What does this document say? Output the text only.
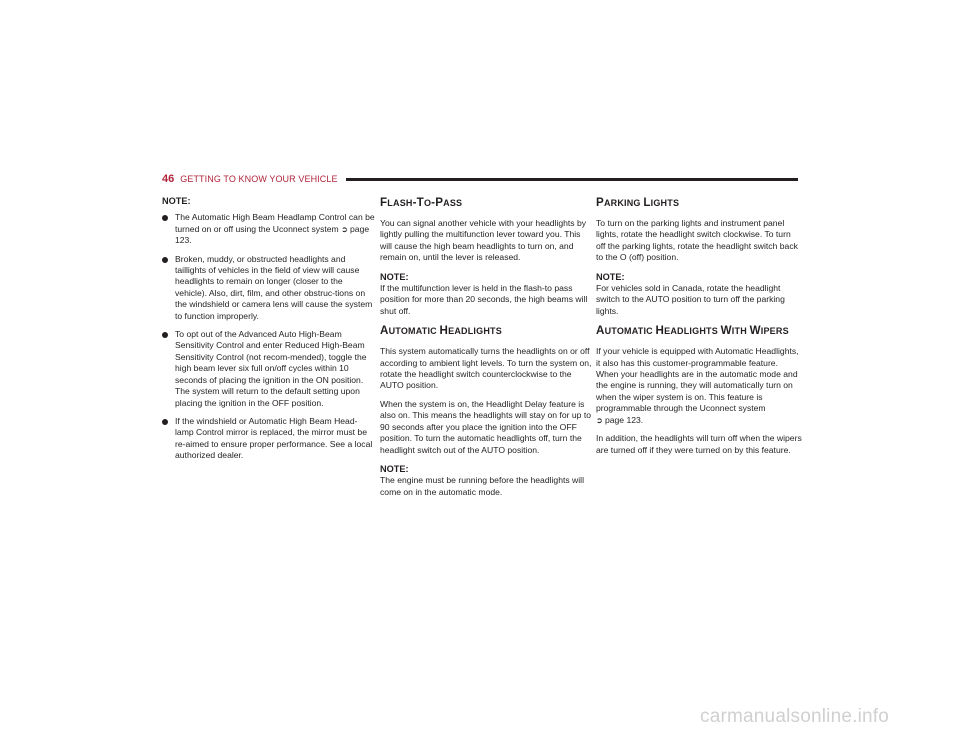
46 GETTING TO KNOW YOUR VEHICLE
NOTE:
The Automatic High Beam Headlamp Control can be turned on or off using the Uconnect system ➲ page 123.
Broken, muddy, or obstructed headlights and taillights of vehicles in the field of view will cause headlights to remain on longer (closer to the vehicle). Also, dirt, film, and other obstruc-tions on the windshield or camera lens will cause the system to function improperly.
To opt out of the Advanced Auto High-Beam Sensitivity Control and enter Reduced High-Beam Sensitivity Control (not recom-mended), toggle the high beam lever six full on/off cycles within 10 seconds of placing the ignition in the ON position. The system will return to the default setting upon placing the ignition in the OFF position.
If the windshield or Automatic High Beam Head-lamp Control mirror is replaced, the mirror must be re-aimed to ensure proper performance. See a local authorized dealer.
FLASH-TO-PASS

You can signal another vehicle with your headlights by lightly pulling the multifunction lever toward you. This will cause the high beam headlights to turn on, and remain on, until the lever is released.

NOTE:

If the multifunction lever is held in the flash-to pass position for more than 20 seconds, the high beams will shut off.

AUTOMATIC HEADLIGHTS

This system automatically turns the headlights on or off according to ambient light levels. To turn the system on, rotate the headlight switch counterclockwise to the AUTO position.

When the system is on, the Headlight Delay feature is also on. This means the headlights will stay on for up to 90 seconds after you place the ignition into the OFF position. To turn the automatic headlights off, turn the headlight switch out of the AUTO position.

NOTE:

The engine must be running before the headlights will come on in the automatic mode.

PARKING LIGHTS

To turn on the parking lights and instrument panel lights, rotate the headlight switch clockwise. To turn off the parking lights, rotate the headlight switch back to the O (off) position.

NOTE:

For vehicles sold in Canada, rotate the headlight switch to the AUTO position to turn off the parking lights.

AUTOMATIC HEADLIGHTS WITH WIPERS

If your vehicle is equipped with Automatic Headlights, it also has this customer-programmable feature. When your headlights are in the automatic mode and the engine is running, they will automatically turn on when the wiper system is on. This feature is programmable through the Uconnect system
➲ page 123.

In addition, the headlights will turn off when the wipers are turned off if they were turned on by this feature.

carmanualsonline.info
